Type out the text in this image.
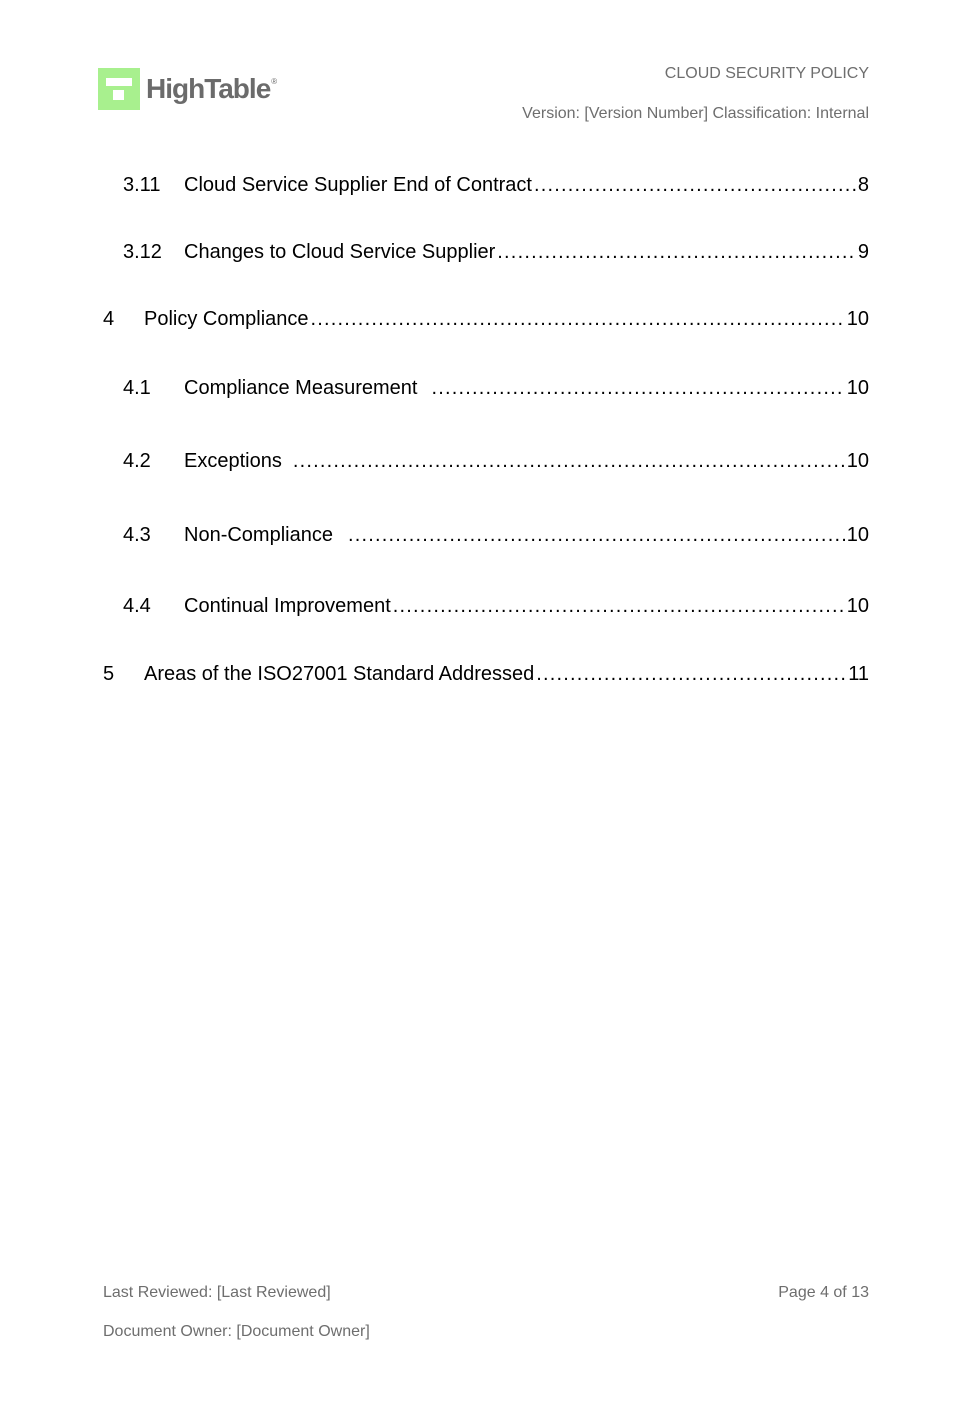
HighTable®	CLOUD SECURITY POLICY
Version: [Version Number] Classification: Internal
3.11	Cloud Service Supplier End of Contract .....	8
3.12	Changes to Cloud Service Supplier .....	9
4	Policy Compliance .....	10
4.1	Compliance Measurement .....	10
4.2	Exceptions .....	10
4.3	Non-Compliance .....	10
4.4	Continual Improvement .....	10
5	Areas of the ISO27001 Standard Addressed .....	11
Last Reviewed: [Last Reviewed]	Page 4 of 13
Document Owner: [Document Owner]
